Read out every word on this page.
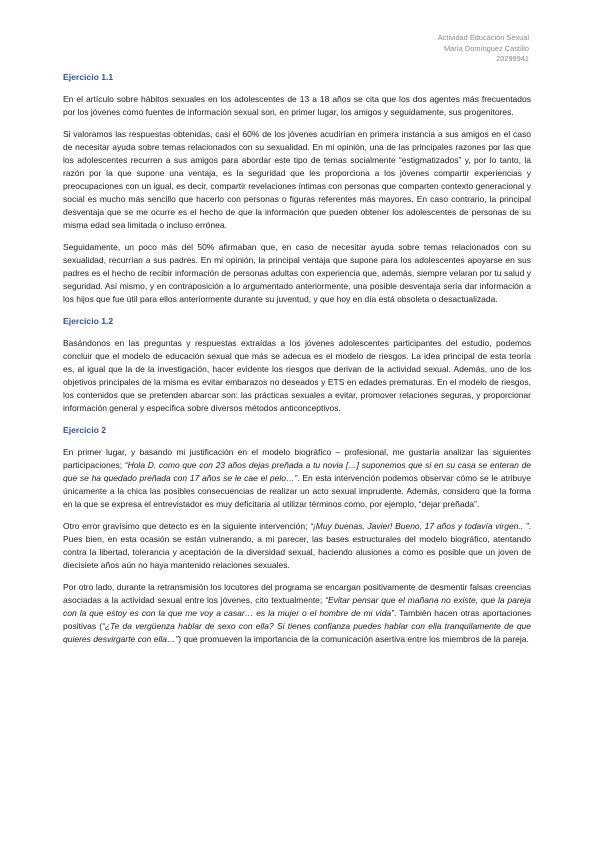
Actividad Educación Sexual
María Domínguez Castillo
20299941
Ejercicio 1.1

En el artículo sobre hábitos sexuales en los adolescentes de 13 a 18 años se cita que los dos agentes más frecuentados por los jóvenes como fuentes de información sexual son, en primer lugar, los amigos y seguidamente, sus progenitores.

Si valoramos las respuestas obtenidas, casi el 60% de los jóvenes acudirían en primera instancia a sus amigos en el caso de necesitar ayuda sobre temas relacionados con su sexualidad. En mi opinión, una de las principales razones por las que los adolescentes recurren a sus amigos para abordar este tipo de temas socialmente “estigmatizados” y, por lo tanto, la razón por la que supone una ventaja, es la seguridad que les proporciona a los jóvenes compartir experiencias y preocupaciones con un igual, es decir, compartir revelaciones íntimas con personas que comparten contexto generacional y social es mucho más sencillo que hacerlo con personas o figuras referentes más mayores. En caso contrario, la principal desventaja que se me ocurre es el hecho de que la información que pueden obtener los adolescentes de personas de su misma edad sea limitada o incluso errónea.

Seguidamente, un poco más del 50% afirmaban que, en caso de necesitar ayuda sobre temas relacionados con su sexualidad, recurrían a sus padres. En mi opinión, la principal ventaja que supone para los adolescentes apoyarse en sus padres es el hecho de recibir información de personas adultas con experiencia que, además, siempre velaran por tu salud y seguridad. Así mismo, y en contraposición a lo argumentado anteriormente, una posible desventaja sería dar información a los hijos que fue útil para ellos anteriormente durante su juventud, y que hoy en día está obsoleta o desactualizada.

Ejercicio 1.2

Basándonos en las preguntas y respuestas extraídas a los jóvenes adolescentes participantes del estudio, podemos concluir que el modelo de educación sexual que más se adecua es el modelo de riesgos. La idea principal de esta teoría es, al igual que la de la investigación, hacer evidente los riesgos que derivan de la actividad sexual. Además, uno de los objetivos principales de la misma es evitar embarazos no deseados y ETS en edades prematuras. En el modelo de riesgos, los contenidos que se pretenden abarcar son: las prácticas sexuales a evitar, promover relaciones seguras, y proporcionar información general y específica sobre diversos métodos anticonceptivos.

Ejercicio 2

En primer lugar, y basando mi justificación en el modelo biográfico – profesional, me gustaría analizar las siguientes participaciones; “Hola D, como que con 23 años dejas preñada a tu novia […] suponemos que si en su casa se enteran de que se ha quedado preñada con 17 años se le cae el pelo…”. En esta intervención podemos observar cómo se le atribuye únicamente a la chica las posibles consecuencias de realizar un acto sexual imprudente. Además, considero que la forma en la que se expresa el entrevistador es muy deficitaria al utilizar términos como, por ejemplo, “dejar preñada”.

Otro error gravísimo que detecto es en la siguiente intervención; “¡Muy buenas, Javier! Bueno, 17 años y todavía virgen.. ”. Pues bien, en esta ocasión se están vulnerando, a mi parecer, las bases estructurales del modelo biográfico, atentando contra la libertad, tolerancia y aceptación de la diversidad sexual, haciendo alusiones a como es posible que un joven de diecisiete años aún no haya mantenido relaciones sexuales.

Por otro lado, durante la retransmisión los locutores del programa se encargan positivamente de desmentir falsas creencias asociadas a la actividad sexual entre los jóvenes, cito textualmente; “Evitar pensar que el mañana no existe, que la pareja con la que estoy es con la que me voy a casar… es la mujer o el hombre de mi vida”. También hacen otras aportaciones positivas (“¿Te da vergüenza hablar de sexo con ella? Si tienes confianza puedes hablar con ella tranquilamente de que quieres desvirgarte con ella…”) que promueven la importancia de la comunicación asertiva entre los miembros de la pareja.
